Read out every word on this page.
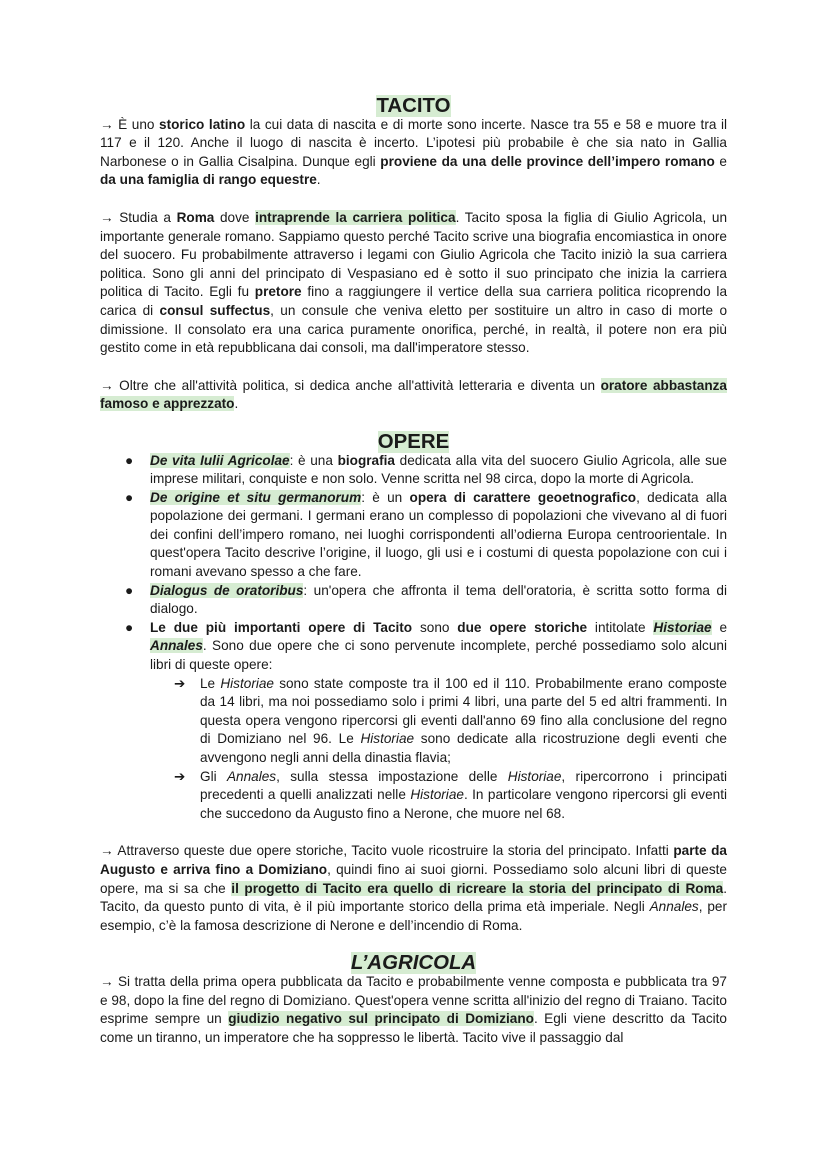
TACITO

→ È uno storico latino la cui data di nascita e di morte sono incerte. Nasce tra 55 e 58 e muore tra il 117 e il 120. Anche il luogo di nascita è incerto. L’ipotesi più probabile è che sia nato in Gallia Narbonese o in Gallia Cisalpina. Dunque egli proviene da una delle province dell’impero romano e da una famiglia di rango equestre.

→ Studia a Roma dove intraprende la carriera politica. Tacito sposa la figlia di Giulio Agricola, un importante generale romano. Sappiamo questo perché Tacito scrive una biografia encomiastica in onore del suocero. Fu probabilmente attraverso i legami con Giulio Agricola che Tacito iniziò la sua carriera politica. Sono gli anni del principato di Vespasiano ed è sotto il suo principato che inizia la carriera politica di Tacito. Egli fu pretore fino a raggiungere il vertice della sua carriera politica ricoprendo la carica di consul suffectus, un consule che veniva eletto per sostituire un altro in caso di morte o dimissione. Il consolato era una carica puramente onorifica, perché, in realtà, il potere non era più gestito come in età repubblicana dai consoli, ma dall'imperatore stesso.

→ Oltre che all'attività politica, si dedica anche all'attività letteraria e diventa un oratore abbastanza famoso e apprezzato.

OPERE
● De vita Iulii Agricolae: è una biografia dedicata alla vita del suocero Giulio Agricola, alle sue imprese militari, conquiste e non solo. Venne scritta nel 98 circa, dopo la morte di Agricola.
● De origine et situ germanorum: è un opera di carattere geoetnografico, dedicata alla popolazione dei germani. I germani erano un complesso di popolazioni che vivevano al di fuori dei confini dell’impero romano, nei luoghi corrispondenti all’odierna Europa centroorientale. In quest'opera Tacito descrive l’origine, il luogo, gli usi e i costumi di questa popolazione con cui i romani avevano spesso a che fare.
● Dialogus de oratoribus: un'opera che affronta il tema dell'oratoria, è scritta sotto forma di dialogo.
● Le due più importanti opere di Tacito sono due opere storiche intitolate Historiae e Annales. Sono due opere che ci sono pervenute incomplete, perché possediamo solo alcuni libri di queste opere:
➔ Le Historiae sono state composte tra il 100 ed il 110. Probabilmente erano composte da 14 libri, ma noi possediamo solo i primi 4 libri, una parte del 5 ed altri frammenti. In questa opera vengono ripercorsi gli eventi dall'anno 69 fino alla conclusione del regno di Domiziano nel 96. Le Historiae sono dedicate alla ricostruzione degli eventi che avvengono negli anni della dinastia flavia;
➔ Gli Annales, sulla stessa impostazione delle Historiae, ripercorrono i principati precedenti a quelli analizzati nelle Historiae. In particolare vengono ripercorsi gli eventi che succedono da Augusto fino a Nerone, che muore nel 68.

→ Attraverso queste due opere storiche, Tacito vuole ricostruire la storia del principato. Infatti parte da Augusto e arriva fino a Domiziano, quindi fino ai suoi giorni. Possediamo solo alcuni libri di queste opere, ma si sa che il progetto di Tacito era quello di ricreare la storia del principato di Roma. Tacito, da questo punto di vita, è il più importante storico della prima età imperiale. Negli Annales, per esempio, c’è la famosa descrizione di Nerone e dell’incendio di Roma.

L’AGRICOLA

→ Si tratta della prima opera pubblicata da Tacito e probabilmente venne composta e pubblicata tra 97 e 98, dopo la fine del regno di Domiziano. Quest'opera venne scritta all'inizio del regno di Traiano. Tacito esprime sempre un giudizio negativo sul principato di Domiziano. Egli viene descritto da Tacito come un tiranno, un imperatore che ha soppresso le libertà. Tacito vive il passaggio dal
